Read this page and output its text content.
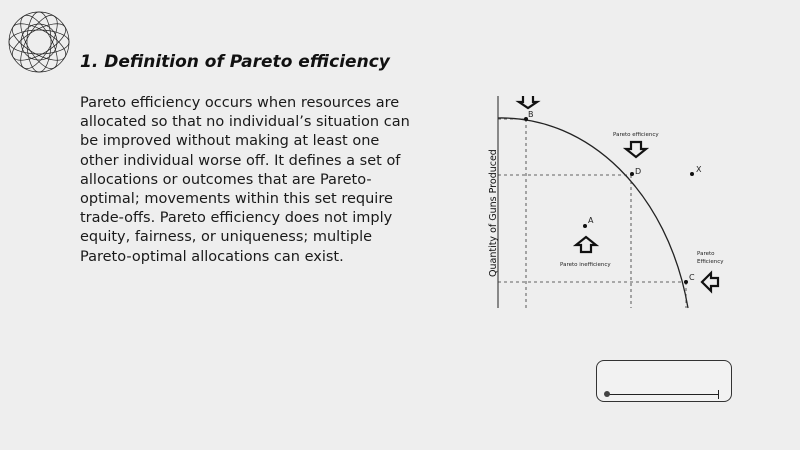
1. Definition of Pareto efficiency

Pareto efficiency occurs when resources are allocated so that no individual’s situation can be improved without making at least one other individual worse off. It defines a set of allocations or outcomes that are Pareto-optimal; movements within this set require trade-offs. Pareto efficiency does not imply equity, fairness, or uniqueness; multiple Pareto-optimal allocations can exist.

B
D
C
A
X
Pareto efficiency
Pareto inefficiency
Pareto
Efficiency
Quantity of Guns Produced
